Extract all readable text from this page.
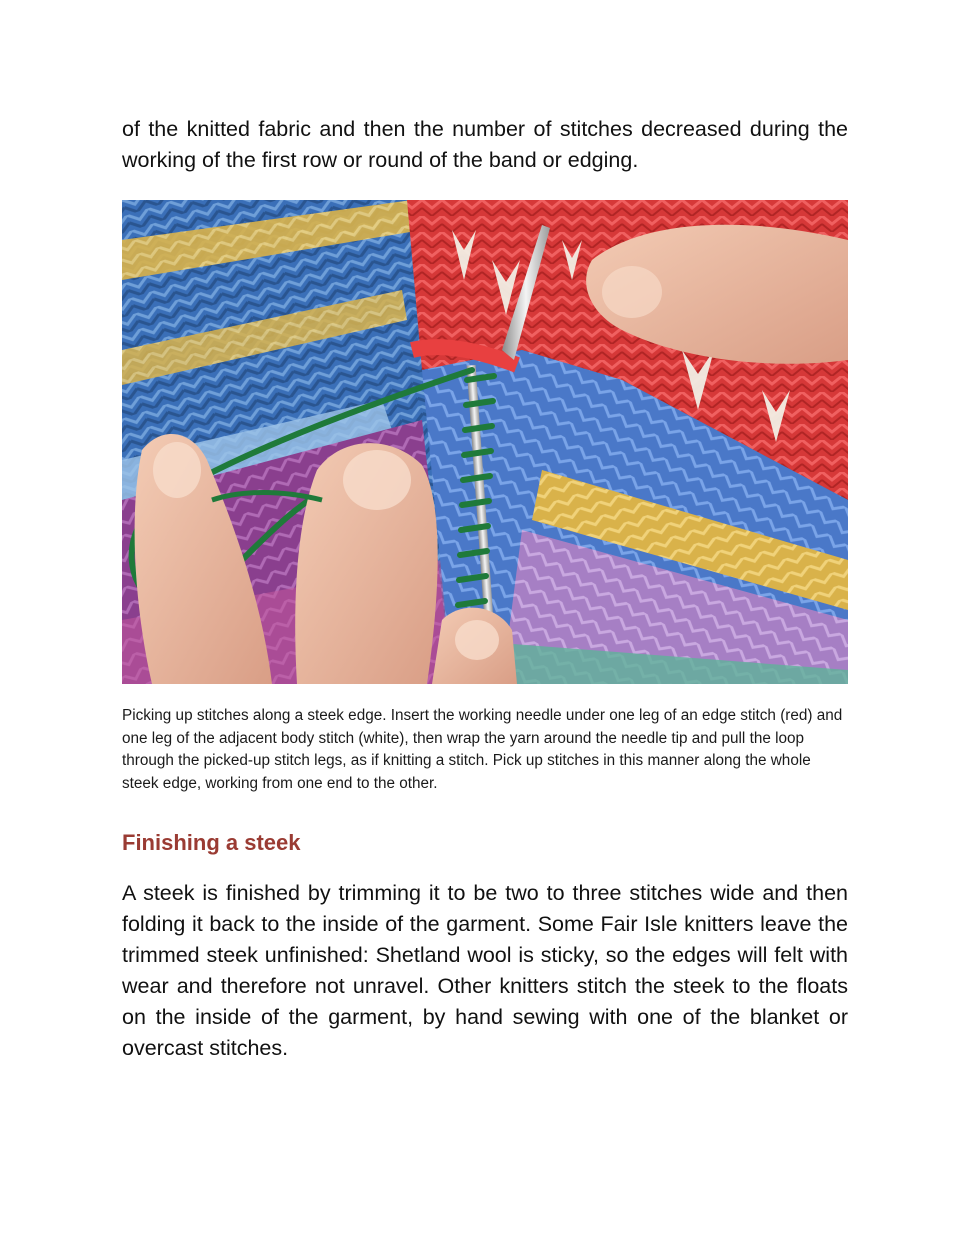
of the knitted fabric and then the number of stitches decreased during the working of the first row or round of the band or edging.

Picking up stitches along a steek edge. Insert the working needle under one leg of an edge stitch (red) and one leg of the adjacent body stitch (white), then wrap the yarn around the needle tip and pull the loop through the picked-up stitch legs, as if knitting a stitch. Pick up stitches in this manner along the whole steek edge, working from one end to the other.

Finishing a steek

A steek is finished by trimming it to be two to three stitches wide and then folding it back to the inside of the garment. Some Fair Isle knitters leave the trimmed steek unfinished: Shetland wool is sticky, so the edges will felt with wear and therefore not unravel. Other knitters stitch the steek to the floats on the inside of the garment, by hand sewing with one of the blanket or overcast stitches.
